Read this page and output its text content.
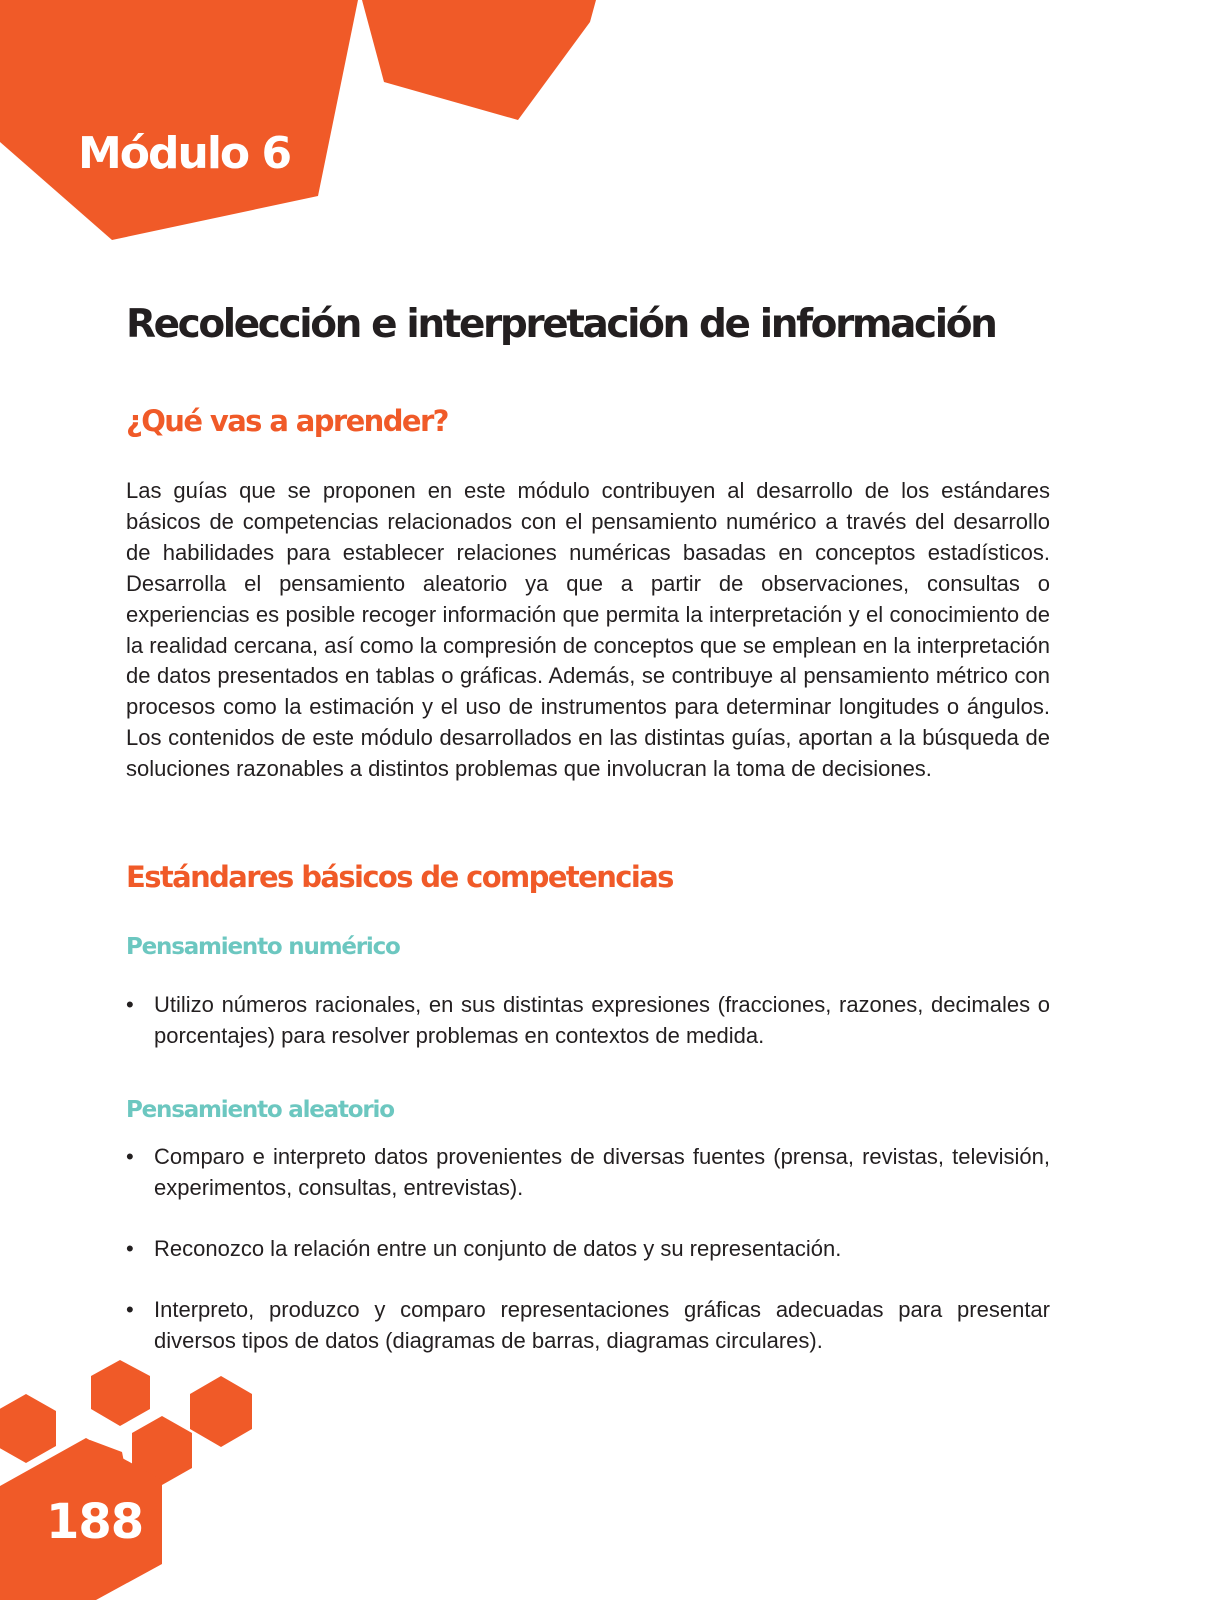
Módulo 6
Recolección e interpretación de información
¿Qué vas a aprender?

Las guías que se proponen en este módulo contribuyen al desarrollo de los estándares básicos de competencias relacionados con el pensamiento numérico a través del desarrollo de habilidades para establecer relaciones numéricas basadas en conceptos estadísticos. Desarrolla el pensamiento aleatorio ya que a partir de observaciones, consultas o experiencias es posible recoger información que permita la interpretación y el conocimiento de la realidad cercana, así como la compresión de conceptos que se emplean en la interpretación de datos presentados en tablas o gráficas. Además, se contribuye al pensamiento métrico con procesos como la estimación y el uso de instrumentos para determinar longitudes o ángulos. Los contenidos de este módulo desarrollados en las distintas guías, aportan a la búsqueda de soluciones razonables a distintos problemas que involucran la toma de decisiones.

Estándares básicos de competencias
Pensamiento numérico
• Utilizo números racionales, en sus distintas expresiones (fracciones, razones, decimales o porcentajes) para resolver problemas en contextos de medida.
Pensamiento aleatorio
• Comparo e interpreto datos provenientes de diversas fuentes (prensa, revistas, televisión, experimentos, consultas, entrevistas).
• Reconozco la relación entre un conjunto de datos y su representación.
• Interpreto, produzco y comparo representaciones gráficas adecuadas para presentar diversos tipos de datos (diagramas de barras, diagramas circulares).
188
